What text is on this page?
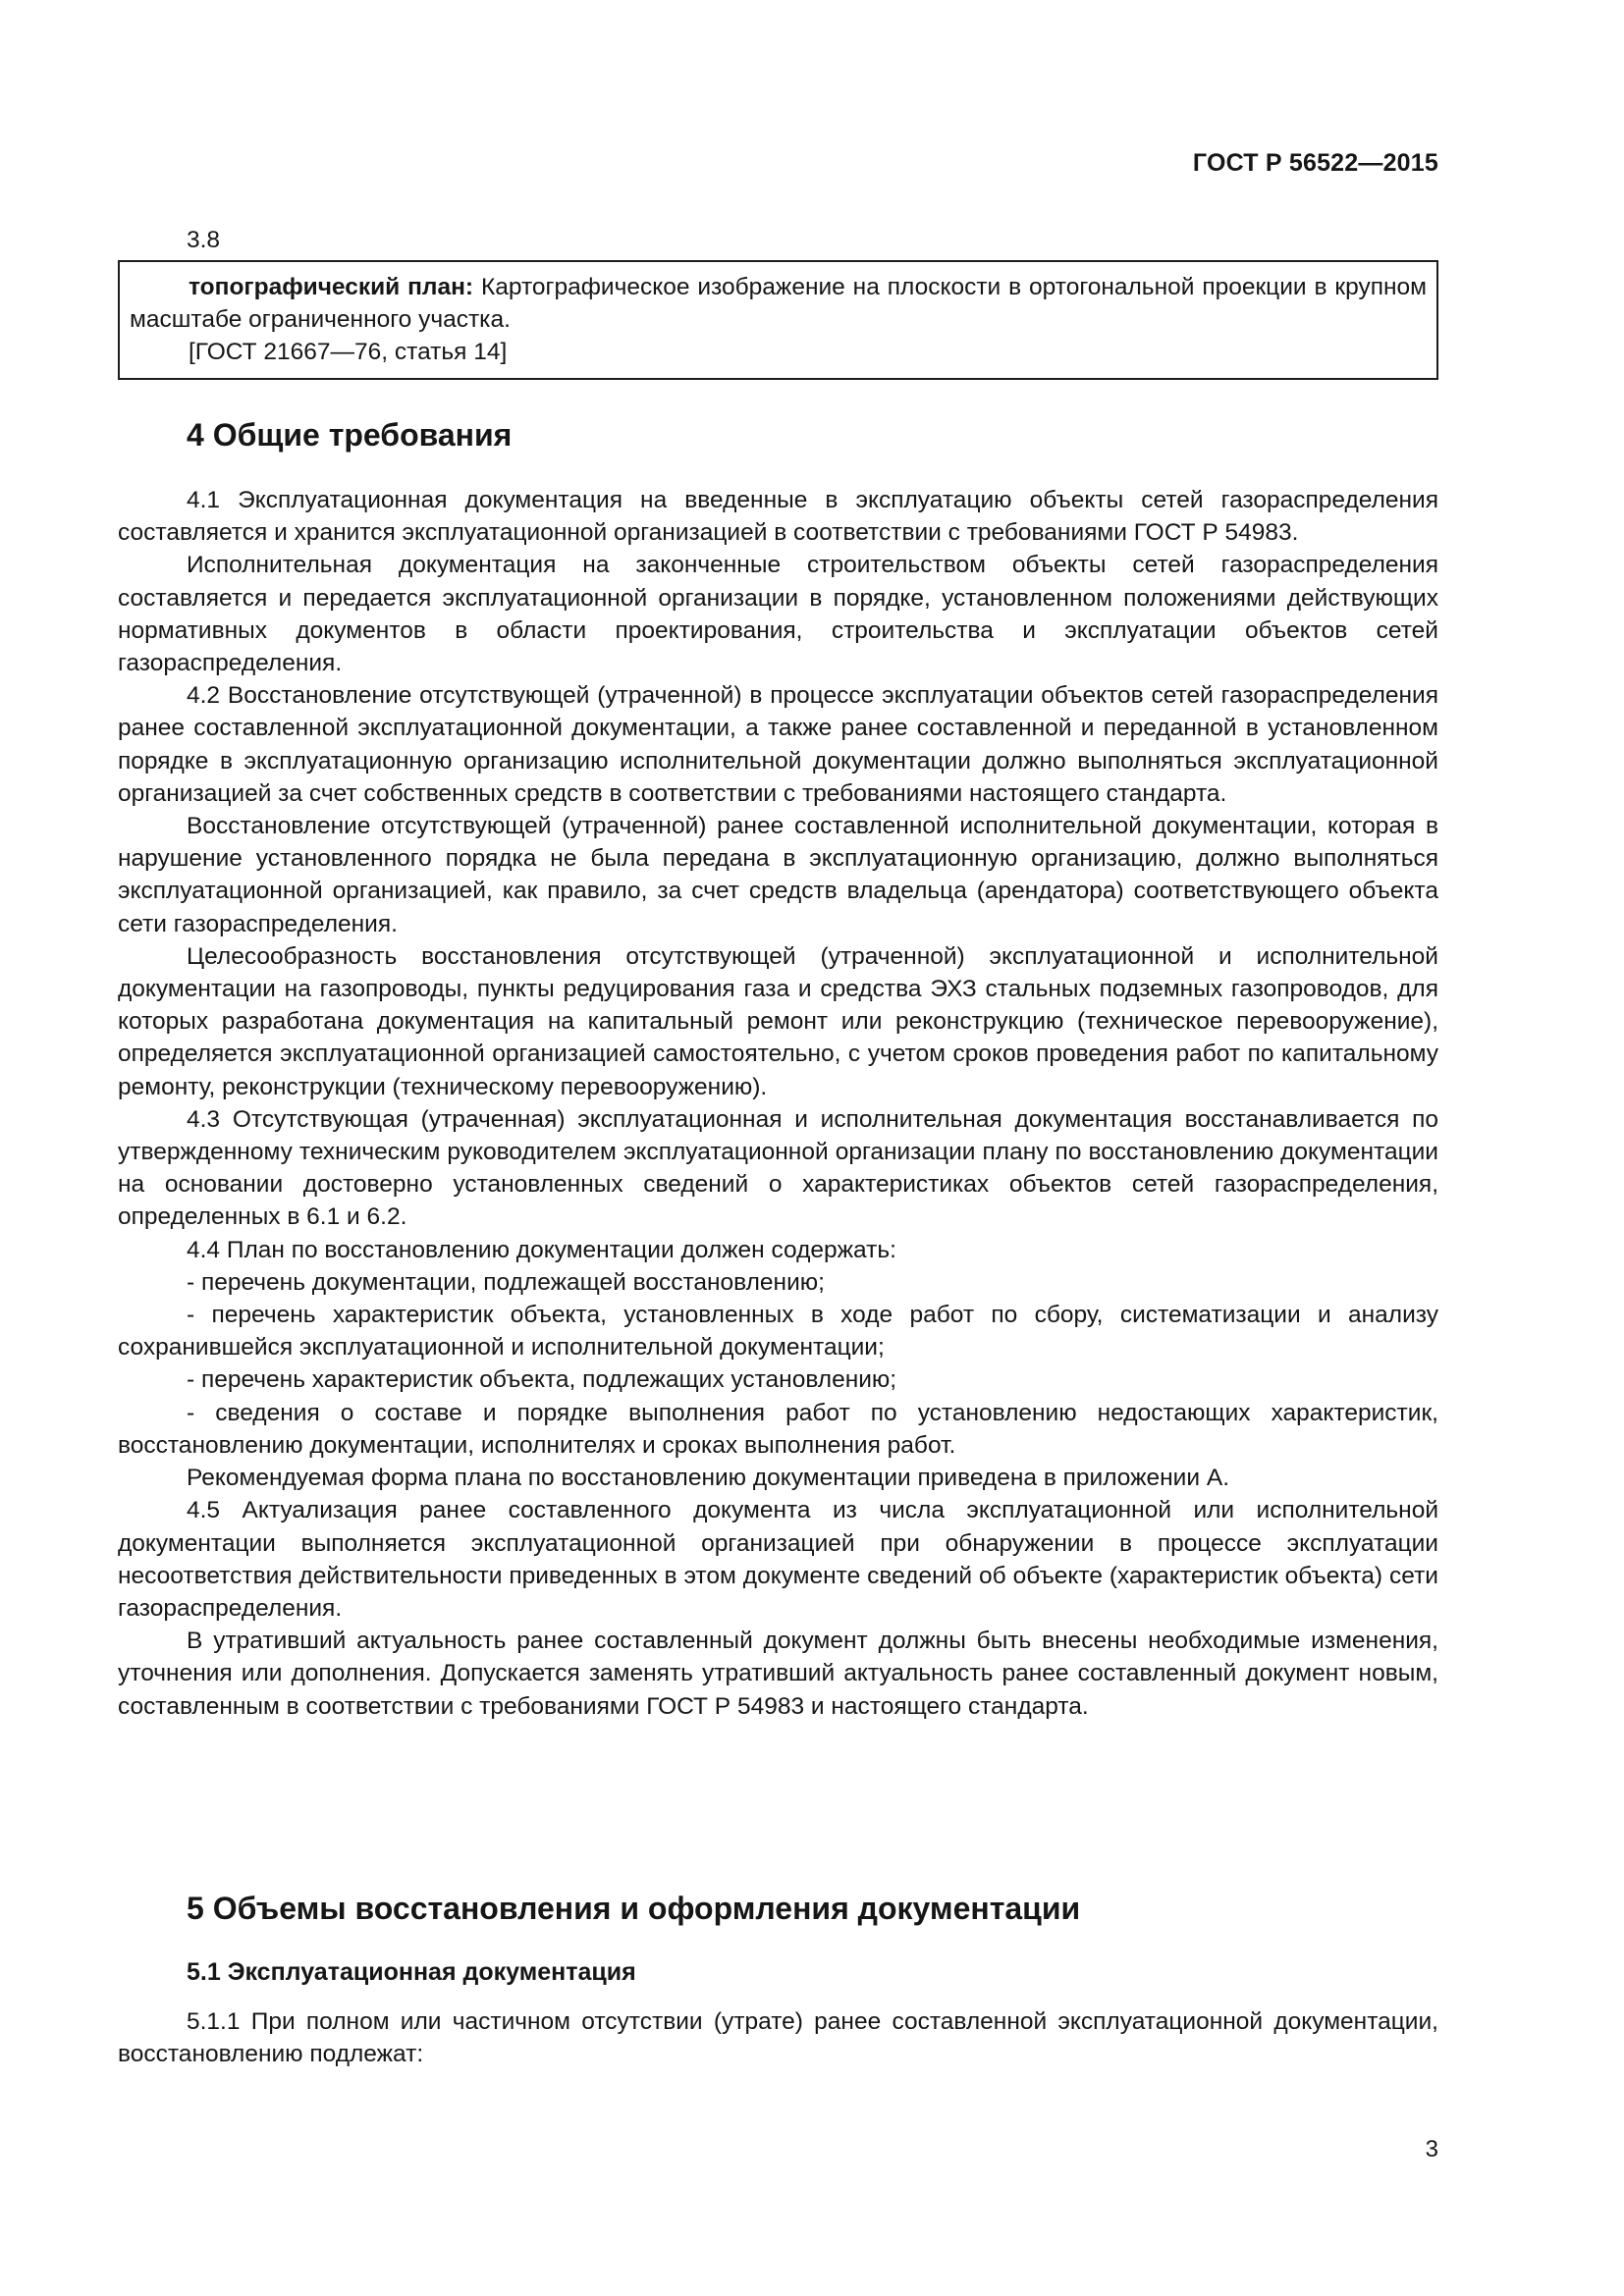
ГОСТ Р 56522—2015
3.8

топографический план: Картографическое изображение на плоскости в ортогональной проекции в крупном масштабе ограниченного участка.

[ГОСТ 21667—76, статья 14]

4 Общие требования

4.1 Эксплуатационная документация на введенные в эксплуатацию объекты сетей газораспределения составляется и хранится эксплуатационной организацией в соответствии с требованиями ГОСТ Р 54983.

Исполнительная документация на законченные строительством объекты сетей газораспределения составляется и передается эксплуатационной организации в порядке, установленном положениями действующих нормативных документов в области проектирования, строительства и эксплуатации объектов сетей газораспределения.

4.2 Восстановление отсутствующей (утраченной) в процессе эксплуатации объектов сетей газораспределения ранее составленной эксплуатационной документации, а также ранее составленной и переданной в установленном порядке в эксплуатационную организацию исполнительной документации должно выполняться эксплуатационной организацией за счет собственных средств в соответствии с требованиями настоящего стандарта.

Восстановление отсутствующей (утраченной) ранее составленной исполнительной документации, которая в нарушение установленного порядка не была передана в эксплуатационную организацию, должно выполняться эксплуатационной организацией, как правило, за счет средств владельца (арендатора) соответствующего объекта сети газораспределения.

Целесообразность восстановления отсутствующей (утраченной) эксплуатационной и исполнительной документации на газопроводы, пункты редуцирования газа и средства ЭХЗ стальных подземных газопроводов, для которых разработана документация на капитальный ремонт или реконструкцию (техническое перевооружение), определяется эксплуатационной организацией самостоятельно, с учетом сроков проведения работ по капитальному ремонту, реконструкции (техническому перевооружению).

4.3 Отсутствующая (утраченная) эксплуатационная и исполнительная документация восстанавливается по утвержденному техническим руководителем эксплуатационной организации плану по восстановлению документации на основании достоверно установленных сведений о характеристиках объектов сетей газораспределения, определенных в 6.1 и 6.2.

4.4 План по восстановлению документации должен содержать:

- перечень документации, подлежащей восстановлению;

- перечень характеристик объекта, установленных в ходе работ по сбору, систематизации и анализу сохранившейся эксплуатационной и исполнительной документации;

- перечень характеристик объекта, подлежащих установлению;

- сведения о составе и порядке выполнения работ по установлению недостающих характеристик, восстановлению документации, исполнителях и сроках выполнения работ.

Рекомендуемая форма плана по восстановлению документации приведена в приложении А.

4.5 Актуализация ранее составленного документа из числа эксплуатационной или исполнительной документации выполняется эксплуатационной организацией при обнаружении в процессе эксплуатации несоответствия действительности приведенных в этом документе сведений об объекте (характеристик объекта) сети газораспределения.

В утративший актуальность ранее составленный документ должны быть внесены необходимые изменения, уточнения или дополнения. Допускается заменять утративший актуальность ранее составленный документ новым, составленным в соответствии с требованиями ГОСТ Р 54983 и настоящего стандарта.

5 Объемы восстановления и оформления документации
5.1 Эксплуатационная документация

5.1.1 При полном или частичном отсутствии (утрате) ранее составленной эксплуатационной документации, восстановлению подлежат:

3
